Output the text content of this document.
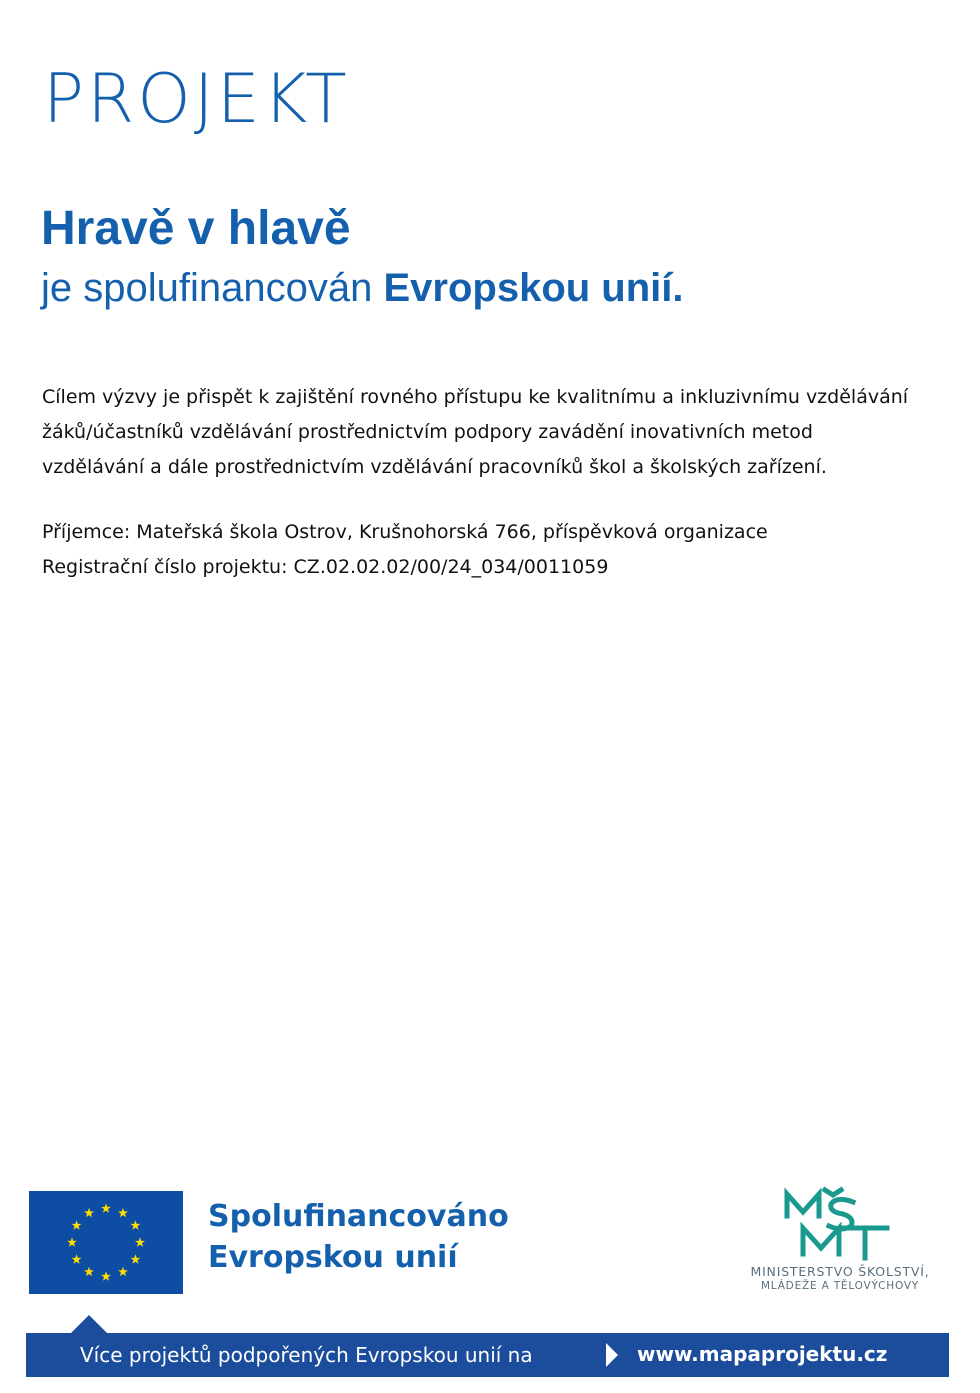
PROJEKT
Hravě v hlavě
je spolufinancován Evropskou unií.
Cílem výzvy je přispět k zajištění rovného přístupu ke kvalitnímu a inkluzivnímu vzdělávání
žáků/účastníků vzdělávání prostřednictvím podpory zavádění inovativních metod
vzdělávání a dále prostřednictvím vzdělávání pracovníků škol a školských zařízení.
Příjemce: Mateřská škola Ostrov, Krušnohorská 766, příspěvková organizace
Registrační číslo projektu: CZ.02.02.02/00/24_034/0011059
Spolufinancováno
Evropskou unií	MINISTERSTVO ŠKOLSTVÍ,
MLÁDEŽE A TĚLOVÝCHOVY
Více projektů podpořených Evropskou unií na	www.mapaprojektu.cz
